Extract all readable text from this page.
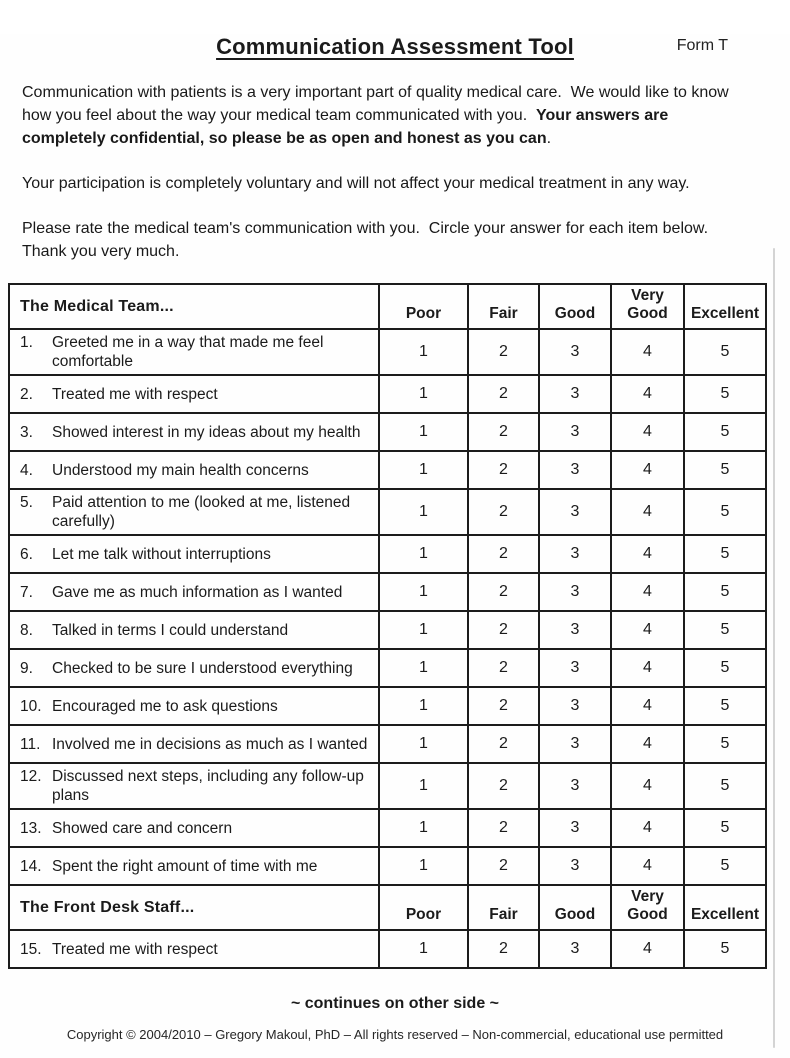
Form T
Communication Assessment Tool

Communication with patients is a very important part of quality medical care.  We would like to know how you feel about the way your medical team communicated with you.  Your answers are completely confidential, so please be as open and honest as you can.

Your participation is completely voluntary and will not affect your medical treatment in any way.

Please rate the medical team's communication with you.  Circle your answer for each item below.  Thank you very much.

The Medical Team...	Poor	Fair	Good	Very Good	Excellent
1. Greeted me in a way that made me feel comfortable	1	2	3	4	5
2. Treated me with respect	1	2	3	4	5
3. Showed interest in my ideas about my health	1	2	3	4	5
4. Understood my main health concerns	1	2	3	4	5
5. Paid attention to me (looked at me, listened carefully)	1	2	3	4	5
6. Let me talk without interruptions	1	2	3	4	5
7. Gave me as much information as I wanted	1	2	3	4	5
8. Talked in terms I could understand	1	2	3	4	5
9. Checked to be sure I understood everything	1	2	3	4	5
10. Encouraged me to ask questions	1	2	3	4	5
11. Involved me in decisions as much as I wanted	1	2	3	4	5
12. Discussed next steps, including any follow-up plans	1	2	3	4	5
13. Showed care and concern	1	2	3	4	5
14. Spent the right amount of time with me	1	2	3	4	5
The Front Desk Staff...	Poor	Fair	Good	Very Good	Excellent
15. Treated me with respect	1	2	3	4	5
~ continues on other side ~
Copyright © 2004/2010 – Gregory Makoul, PhD – All rights reserved – Non-commercial, educational use permitted
